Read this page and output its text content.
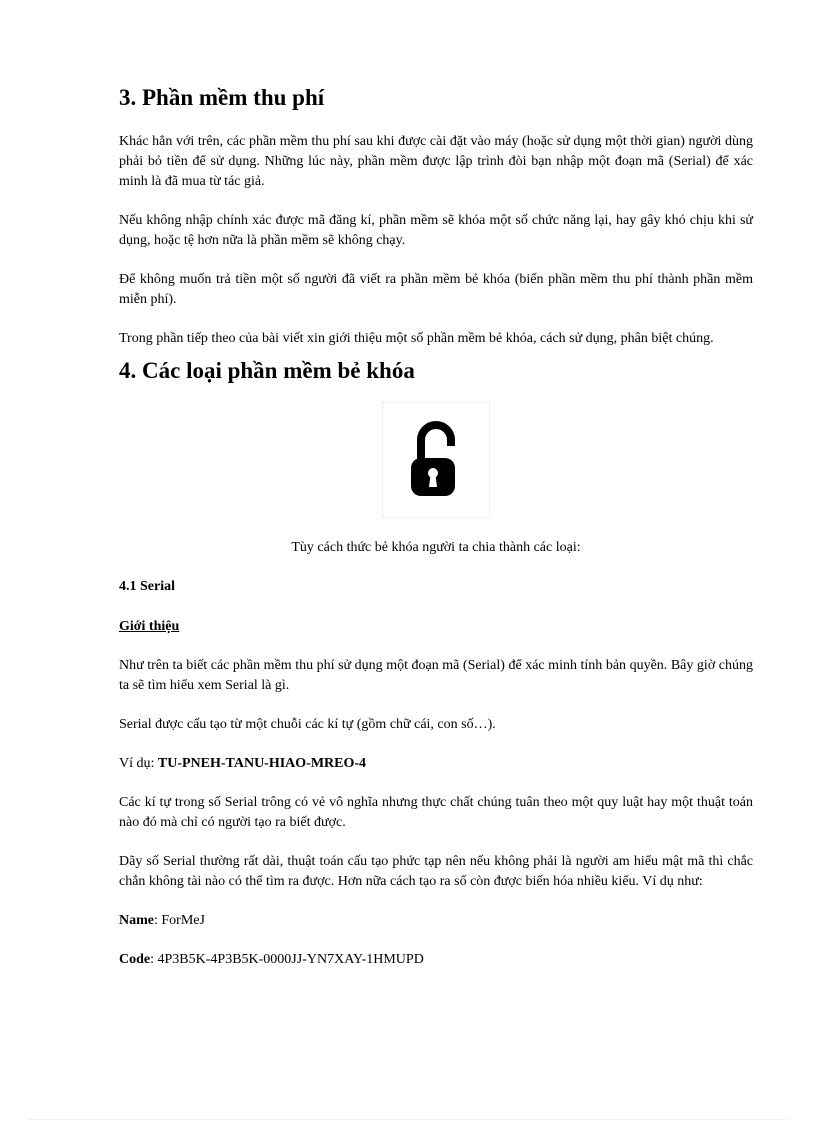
3. Phần mềm thu phí

Khác hẳn với trên, các phần mềm thu phí sau khi được cài đặt vào máy (hoặc sử dụng một thời gian) người dùng phải bỏ tiền để sử dụng. Những lúc này, phần mềm được lập trình đòi bạn nhập một đoạn mã (Serial) để xác minh là đã mua từ tác giả.

Nếu không nhập chính xác được mã đăng kí, phần mềm sẽ khóa một số chức năng lại, hay gây khó chịu khi sử dụng, hoặc tệ hơn nữa là phần mềm sẽ không chạy.

Để không muốn trả tiền một số người đã viết ra phần mềm bẻ khóa (biến phần mềm thu phí thành phần mềm miễn phí).

Trong phần tiếp theo của bài viết xin giới thiệu một số phần mềm bẻ khóa, cách sử dụng, phân biệt chúng.

4. Các loại phần mềm bẻ khóa

Tùy cách thức bẻ khóa người ta chia thành các loại:

4.1 Serial

Giới thiệu

Như trên ta biết các phần mềm thu phí sử dụng một đoạn mã (Serial) để xác minh tính bản quyền. Bây giờ chúng ta sẽ tìm hiểu xem Serial là gì.

Serial được cấu tạo từ một chuỗi các kí tự (gồm chữ cái, con số…).

Ví dụ: TU-PNEH-TANU-HIAO-MREO-4

Các kí tự trong số Serial trông có vẻ vô nghĩa nhưng thực chất chúng tuân theo một quy luật hay một thuật toán nào đó mà chỉ có người tạo ra biết được.

Dãy số Serial thường rất dài, thuật toán cấu tạo phức tạp nên nếu không phải là người am hiểu mật mã thì chắc chắn không tài nào có thể tìm ra được. Hơn nữa cách tạo ra số còn được biến hóa nhiều kiểu. Ví dụ như:

Name: ForMeJ

Code: 4P3B5K-4P3B5K-0000JJ-YN7XAY-1HMUPD
